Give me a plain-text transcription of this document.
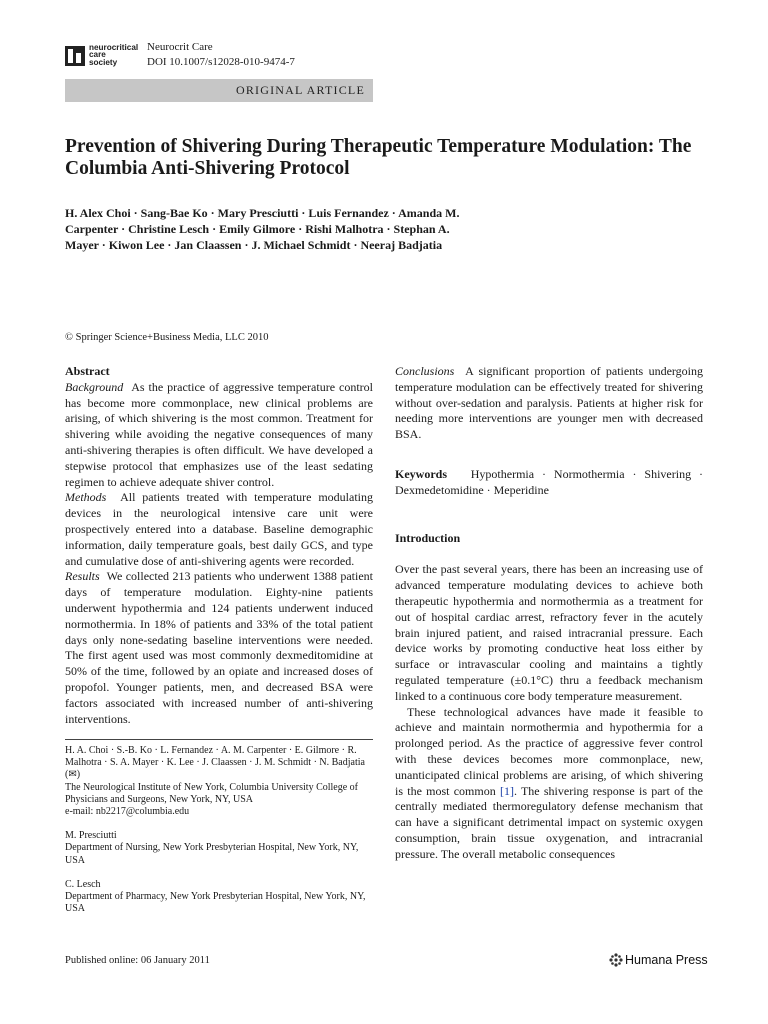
neurocritical
care
society
Neurocrit Care
DOI 10.1007/s12028-010-9474-7
ORIGINAL ARTICLE
Prevention of Shivering During Therapeutic Temperature Modulation: The Columbia Anti-Shivering Protocol
H. Alex Choi · Sang-Bae Ko · Mary Presciutti · Luis Fernandez · Amanda M. Carpenter · Christine Lesch · Emily Gilmore · Rishi Malhotra · Stephan A. Mayer · Kiwon Lee · Jan Claassen · J. Michael Schmidt · Neeraj Badjatia
© Springer Science+Business Media, LLC 2010

Abstract

Background As the practice of aggressive temperature control has become more commonplace, new clinical problems are arising, of which shivering is the most common. Treatment for shivering while avoiding the negative consequences of many anti-shivering therapies is often difficult. We have developed a stepwise protocol that emphasizes use of the least sedating regimen to achieve adequate shiver control.

Methods All patients treated with temperature modulating devices in the neurological intensive care unit were prospectively entered into a database. Baseline demographic information, daily temperature goals, best daily GCS, and type and cumulative dose of anti-shivering agents were recorded.

Results We collected 213 patients who underwent 1388 patient days of temperature modulation. Eighty-nine patients underwent hypothermia and 124 patients underwent induced normothermia. In 18% of patients and 33% of the total patient days only none-sedating baseline interventions were needed. The first agent used was most commonly dexmeditomidine at 50% of the time, followed by an opiate and increased doses of propofol. Younger patients, men, and decreased BSA were factors associated with increased number of anti-shivering interventions.

H. A. Choi · S.-B. Ko · L. Fernandez · A. M. Carpenter · E. Gilmore · R. Malhotra · S. A. Mayer · K. Lee · J. Claassen · J. M. Schmidt · N. Badjatia (✉)
The Neurological Institute of New York, Columbia University College of Physicians and Surgeons, New York, NY, USA
e-mail: nb2217@columbia.edu
M. Presciutti
Department of Nursing, New York Presbyterian Hospital, New York, NY, USA
C. Lesch
Department of Pharmacy, New York Presbyterian Hospital, New York, NY, USA

Conclusions A significant proportion of patients undergoing temperature modulation can be effectively treated for shivering without over-sedation and paralysis. Patients at higher risk for needing more interventions are younger men with decreased BSA.

Keywords Hypothermia · Normothermia · Shivering · Dexmedetomidine · Meperidine

Introduction

Over the past several years, there has been an increasing use of advanced temperature modulating devices to achieve both therapeutic hypothermia and normothermia as a treatment for out of hospital cardiac arrest, refractory fever in the acutely brain injured patient, and raised intracranial pressure. Each device works by promoting conductive heat loss either by surface or intravascular cooling and maintains a tightly regulated temperature (±0.1°C) thru a feedback mechanism linked to a continuous core body temperature measurement.

These technological advances have made it feasible to achieve and maintain normothermia and hypothermia for a prolonged period. As the practice of aggressive fever control with these devices becomes more commonplace, new, unanticipated clinical problems are arising, of which shivering is the most common [1]. The shivering response is part of the centrally mediated thermoregulatory defense mechanism that can have a significant detrimental impact on systemic oxygen consumption, brain tissue oxygenation, and intracranial pressure. The overall metabolic consequences

Published online: 06 January 2011	Humana Press
